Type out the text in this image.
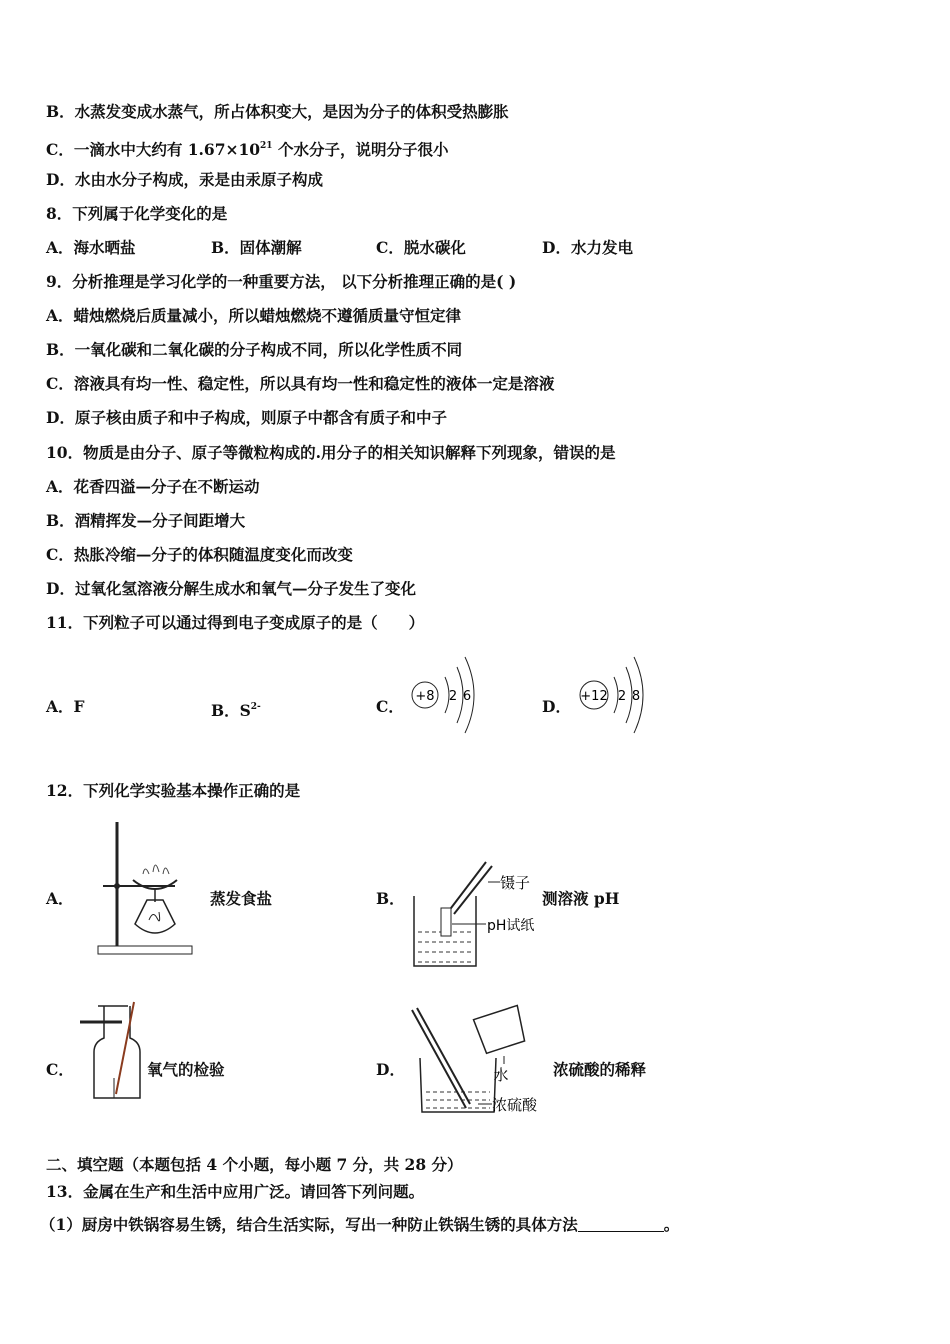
B．水蒸发变成水蒸气，所占体积变大，是因为分子的体积受热膨胀
C．一滴水中大约有 $1.67\times 10^{21}$ 个水分子，说明分子很小
D．水由水分子构成，汞是由汞原子构成
8．下列属于化学变化的是
A．海水晒盐	B．固体潮解	C．脱水碳化	D．水力发电
9．分析推理是学习化学的一种重要方法， 以下分析推理正确的是( )
A．蜡烛燃烧后质量减小，所以蜡烛燃烧不遵循质量守恒定律
B．一氧化碳和二氧化碳的分子构成不同，所以化学性质不同
C．溶液具有均一性、稳定性，所以具有均一性和稳定性的液体一定是溶液
D．原子核由质子和中子构成，则原子中都含有质子和中子
10．物质是由分子、原子等微粒构成的.用分子的相关知识解释下列现象，错误的是
A．花香四溢—分子在不断运动
B．酒精挥发—分子间距增大
C．热胀冷缩—分子的体积随温度变化而改变
D．过氧化氢溶液分解生成水和氧气—分子发生了变化
11．下列粒子可以通过得到电子变成原子的是（　　）
A．F	B．$S^{2-}$	C．	D．
+8 2 6	+12 2 8
12．下列化学实验基本操作正确的是
A．	蒸发食盐	B．
镊子
pH试纸
测溶液 pH
C．	氧气的检验	D．	水
浓硫酸
浓硫酸的稀释
二、填空题（本题包括 4 个小题，每小题 7 分，共 28 分）
13．金属在生产和生活中应用广泛。请回答下列问题。
（1）厨房中铁锅容易生锈，结合生活实际，写出一种防止铁锅生锈的具体方法	。
